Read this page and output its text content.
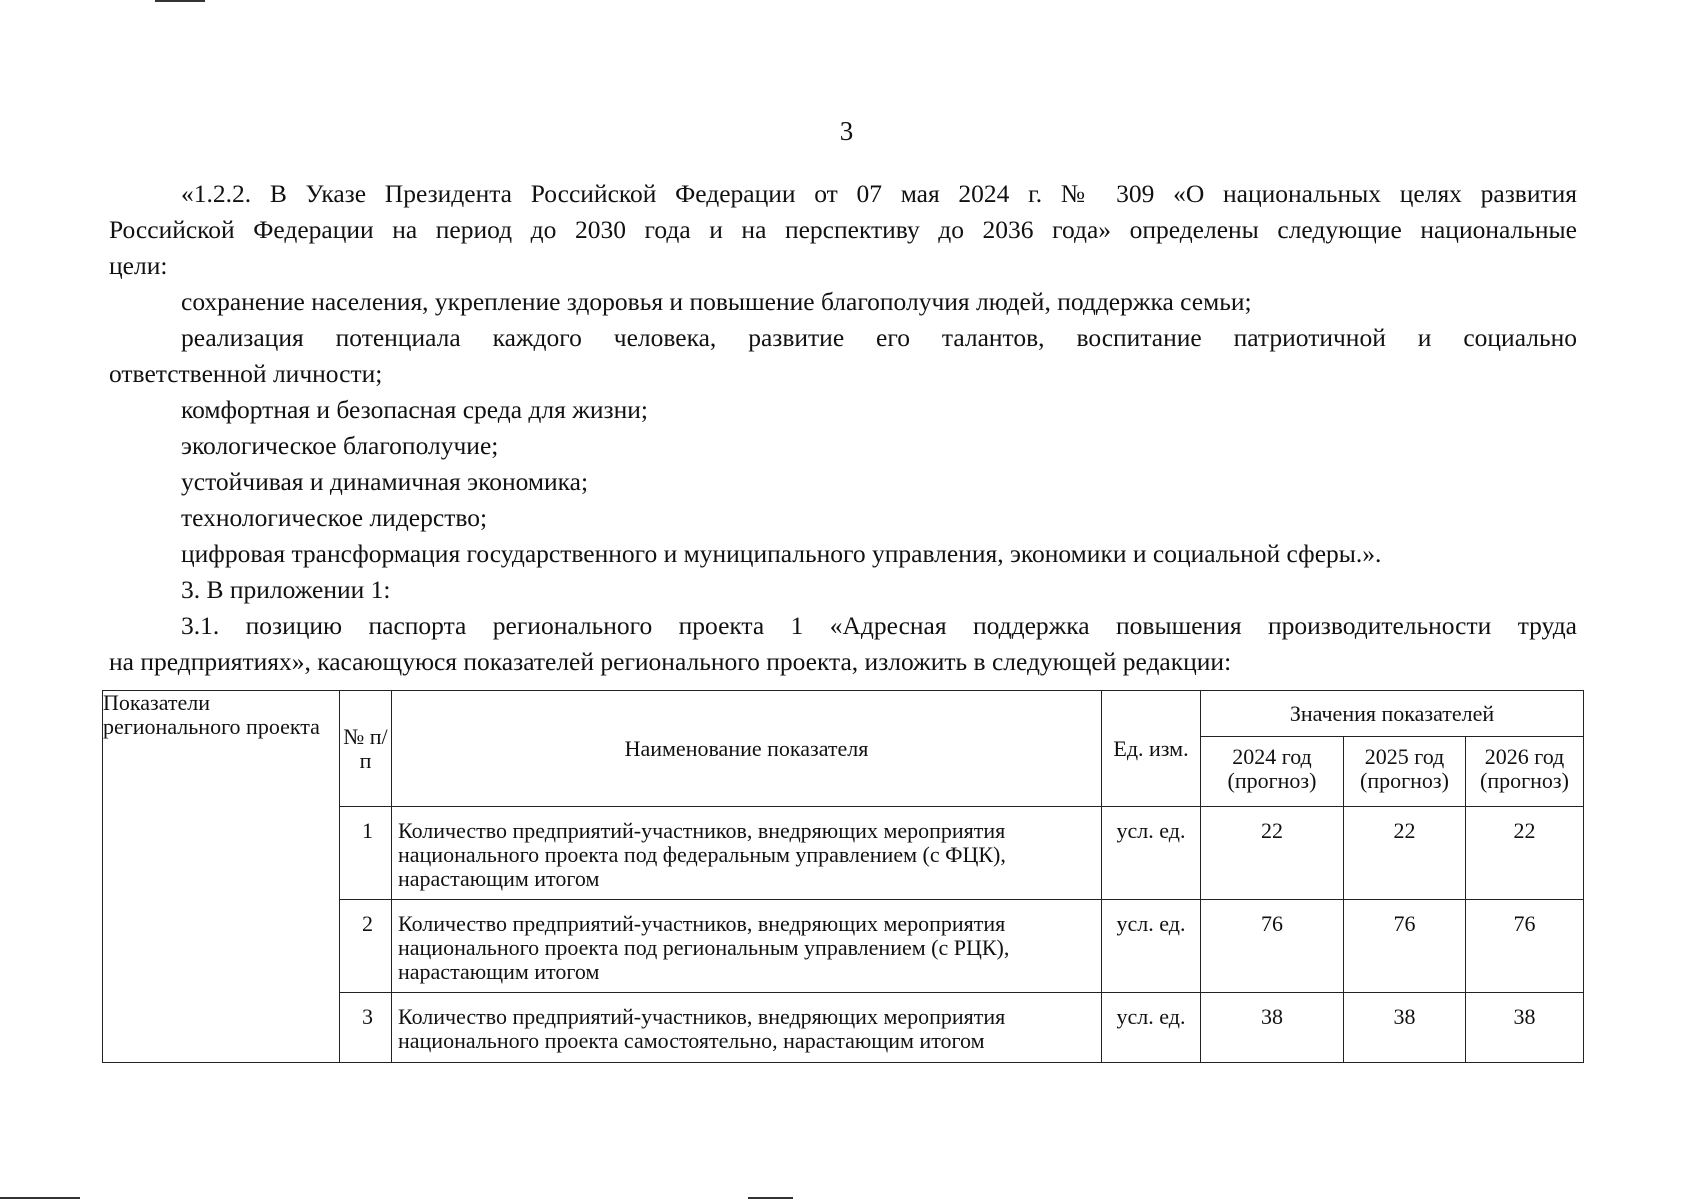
3

«1.2.2. В Указе Президента Российской Федерации от 07 мая 2024 г. № 309 «О национальных целях развития

Российской Федерации на период до 2030 года и на перспективу до 2036 года» определены следующие национальные

цели:

сохранение населения, укрепление здоровья и повышение благополучия людей, поддержка семьи;

реализация потенциала каждого человека, развитие его талантов, воспитание патриотичной и социально

ответственной личности;

комфортная и безопасная среда для жизни;

экологическое благополучие;

устойчивая и динамичная экономика;

технологическое лидерство;

цифровая трансформация государственного и муниципального управления, экономики и социальной сферы.».

3. В приложении 1:

3.1. позицию паспорта регионального проекта 1 «Адресная поддержка повышения производительности труда

на предприятиях», касающуюся показателей регионального проекта, изложить в следующей редакции:

Показатели регионального проекта	№ п/п	Наименование показателя	Ед. изм.	Значения показателей		
				2024 год (прогноз)	2025 год (прогноз)	2026 год (прогноз)
	1	Количество предприятий-участников, внедряющих мероприятия национального проекта под федеральным управлением (с ФЦК), нарастающим итогом	усл. ед.	22	22	22
	2	Количество предприятий-участников, внедряющих мероприятия национального проекта под региональным управлением (с РЦК), нарастающим итогом	усл. ед.	76	76	76
	3	Количество предприятий-участников, внедряющих мероприятия национального проекта самостоятельно, нарастающим итогом	усл. ед.	38	38	38
